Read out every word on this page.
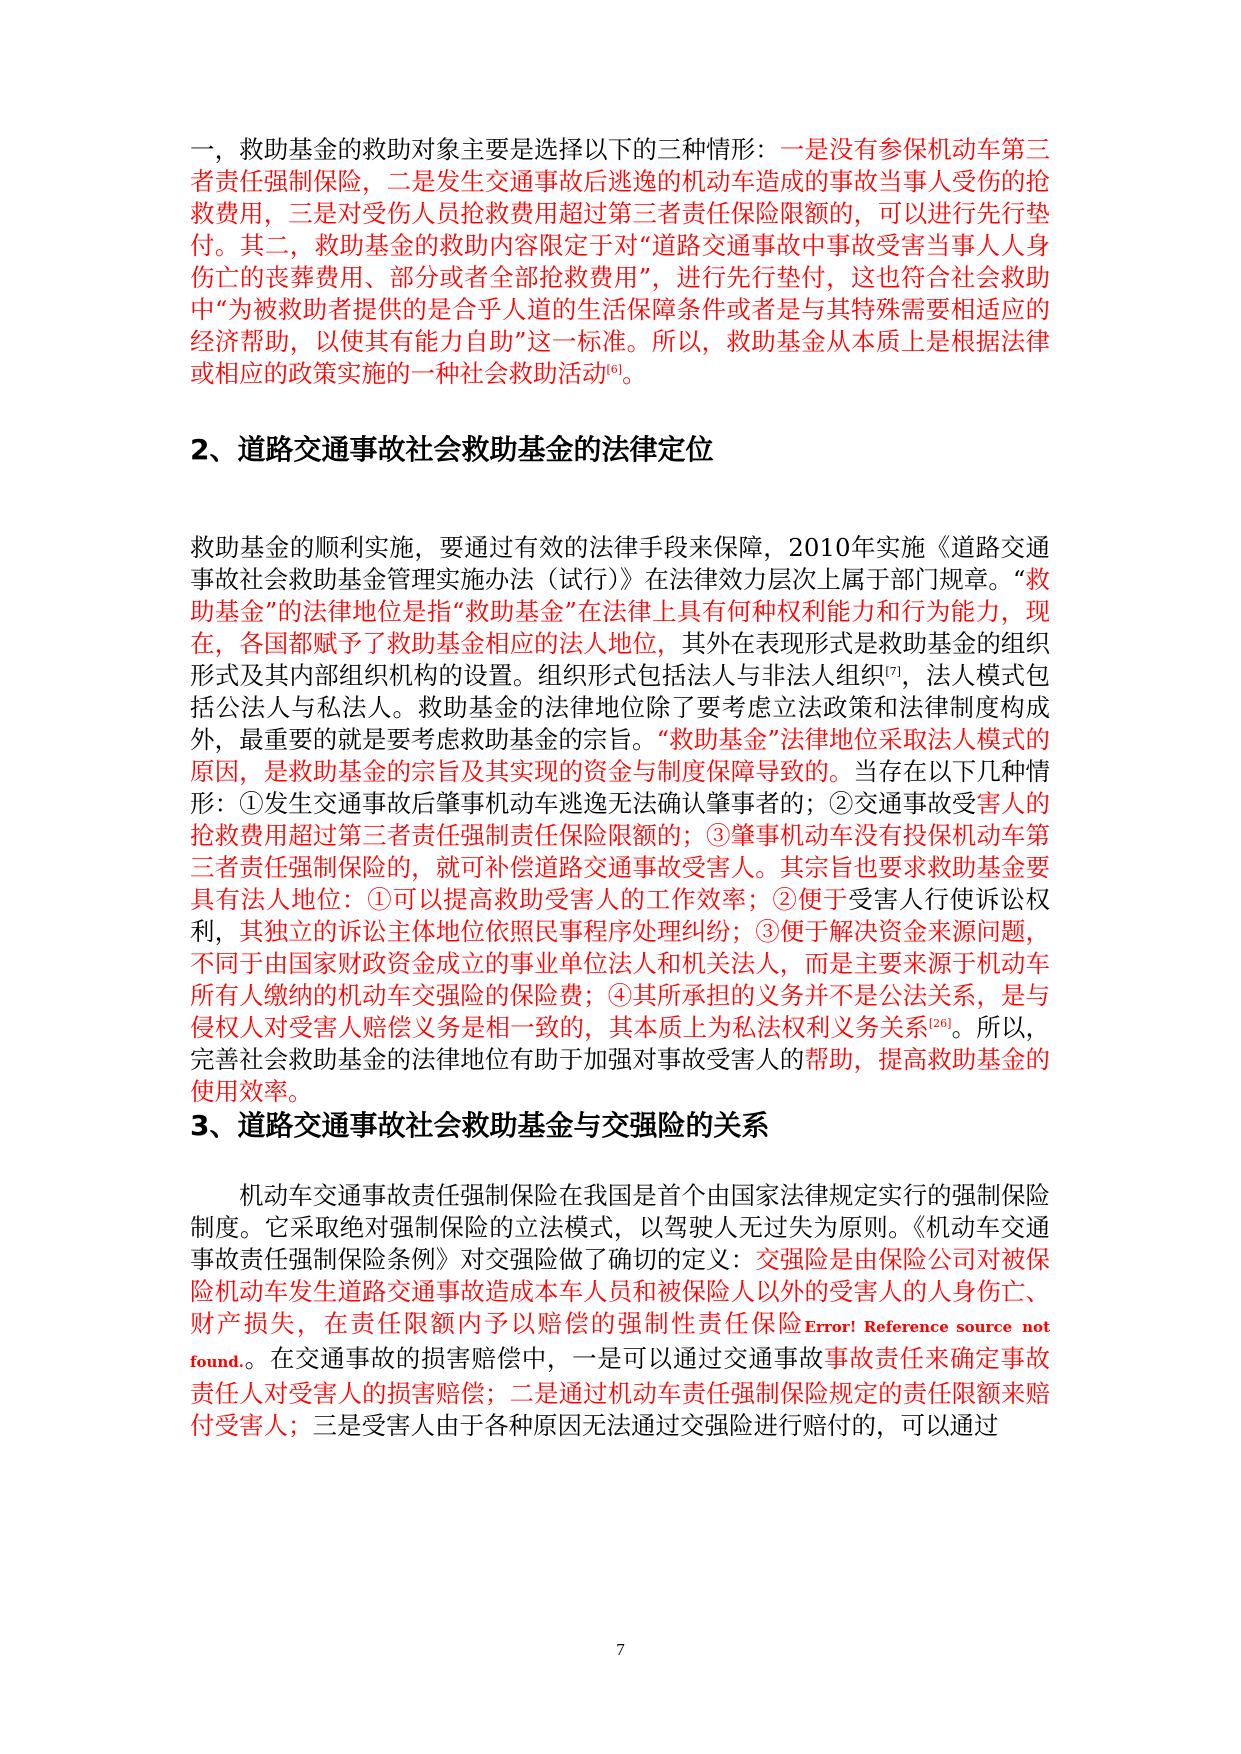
一，救助基金的救助对象主要是选择以下的三种情形：一是没有参保机动车第三者责任强制保险，二是发生交通事故后逃逸的机动车造成的事故当事人受伤的抢救费用，三是对受伤人员抢救费用超过第三者责任保险限额的，可以进行先行垫付。其二，救助基金的救助内容限定于对“道路交通事故中事故受害当事人人身伤亡的丧葬费用、部分或者全部抢救费用”，进行先行垫付，这也符合社会救助中“为被救助者提供的是合乎人道的生活保障条件或者是与其特殊需要相适应的经济帮助，以使其有能力自助”这一标准。所以，救助基金从本质上是根据法律或相应的政策实施的一种社会救助活动[6]。

2、道路交通事故社会救助基金的法律定位

救助基金的顺利实施，要通过有效的法律手段来保障，2010年实施《道路交通事故社会救助基金管理实施办法（试行）》在法律效力层次上属于部门规章。“救助基金”的法律地位是指“救助基金”在法律上具有何种权利能力和行为能力，现在，各国都赋予了救助基金相应的法人地位，其外在表现形式是救助基金的组织形式及其内部组织机构的设置。组织形式包括法人与非法人组织[7]，法人模式包括公法人与私法人。救助基金的法律地位除了要考虑立法政策和法律制度构成外，最重要的就是要考虑救助基金的宗旨。“救助基金”法律地位采取法人模式的原因，是救助基金的宗旨及其实现的资金与制度保障导致的。当存在以下几种情形：①发生交通事故后肇事机动车逃逸无法确认肇事者的；②交通事故受害人的抢救费用超过第三者责任强制责任保险限额的；③肇事机动车没有投保机动车第三者责任强制保险的，就可补偿道路交通事故受害人。其宗旨也要求救助基金要具有法人地位：①可以提高救助受害人的工作效率；②便于受害人行使诉讼权利，其独立的诉讼主体地位依照民事程序处理纠纷；③便于解决资金来源问题，不同于由国家财政资金成立的事业单位法人和机关法人，而是主要来源于机动车所有人缴纳的机动车交强险的保险费；④其所承担的义务并不是公法关系，是与侵权人对受害人赔偿义务是相一致的，其本质上为私法权利义务关系[26]。所以，完善社会救助基金的法律地位有助于加强对事故受害人的帮助，提高救助基金的使用效率。

3、道路交通事故社会救助基金与交强险的关系

机动车交通事故责任强制保险在我国是首个由国家法律规定实行的强制保险制度。它采取绝对强制保险的立法模式，以驾驶人无过失为原则。《机动车交通事故责任强制保险条例》对交强险做了确切的定义：交强险是由保险公司对被保险机动车发生道路交通事故造成本车人员和被保险人以外的受害人的人身伤亡、财产损失，在责任限额内予以赔偿的强制性责任保险Error! Reference source not found.。在交通事故的损害赔偿中，一是可以通过交通事故事故责任来确定事故责任人对受害人的损害赔偿；二是通过机动车责任强制保险规定的责任限额来赔付受害人；三是受害人由于各种原因无法通过交强险进行赔付的，可以通过

7
